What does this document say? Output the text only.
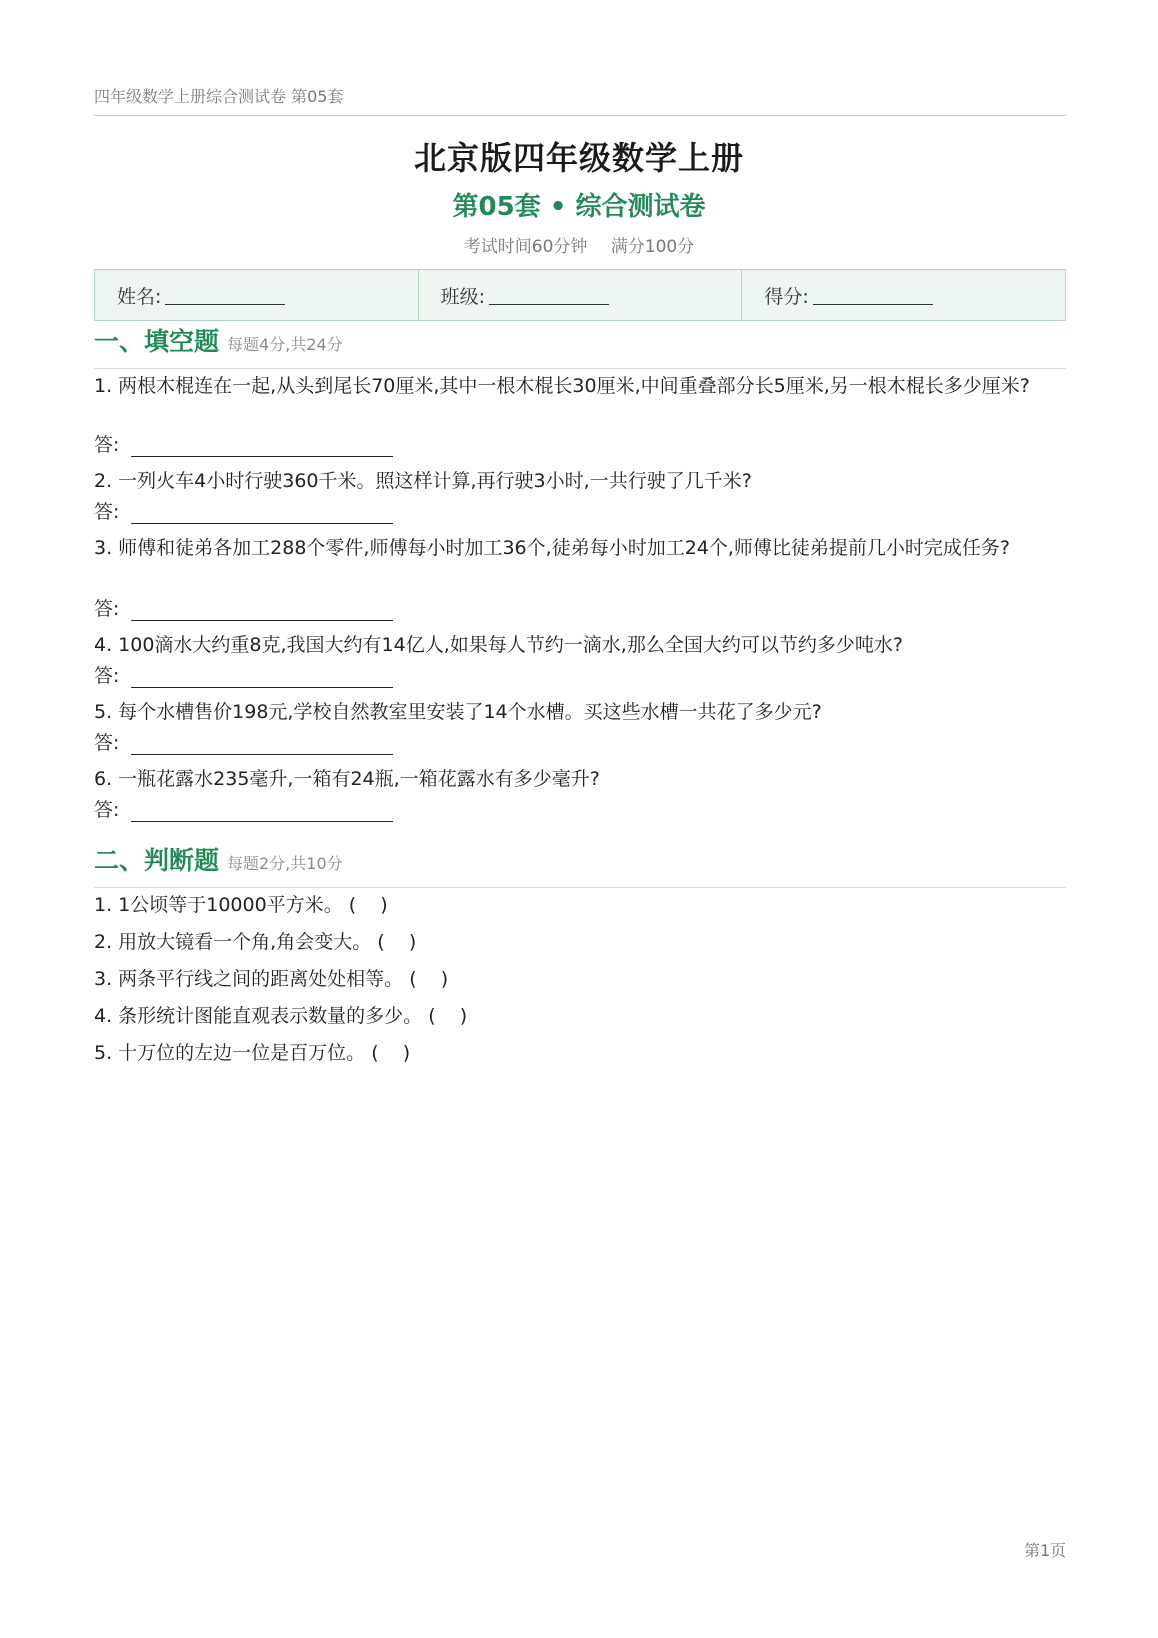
四年级数学上册综合测试卷 第05套
北京版四年级数学上册
第05套 • 综合测试卷
考试时间60分钟 满分100分
姓名:	班级:	得分:
一、填空题 每题4分,共24分
1. 两根木棍连在一起,从头到尾长70厘米,其中一根木棍长30厘米,中间重叠部分长5厘米,另一根木棍长多少厘米?
答:
2. 一列火车4小时行驶360千米。照这样计算,再行驶3小时,一共行驶了几千米?
答:
3. 师傅和徒弟各加工288个零件,师傅每小时加工36个,徒弟每小时加工24个,师傅比徒弟提前几小时完成任务?
答:
4. 100滴水大约重8克,我国大约有14亿人,如果每人节约一滴水,那么全国大约可以节约多少吨水?
答:
5. 每个水槽售价198元,学校自然教室里安装了14个水槽。买这些水槽一共花了多少元?
答:
6. 一瓶花露水235毫升,一箱有24瓶,一箱花露水有多少毫升?
答:
二、判断题 每题2分,共10分
1. 1公顷等于10000平方米。 (    )
2. 用放大镜看一个角,角会变大。 (    )
3. 两条平行线之间的距离处处相等。 (    )
4. 条形统计图能直观表示数量的多少。 (    )
5. 十万位的左边一位是百万位。 (    )
第1页
